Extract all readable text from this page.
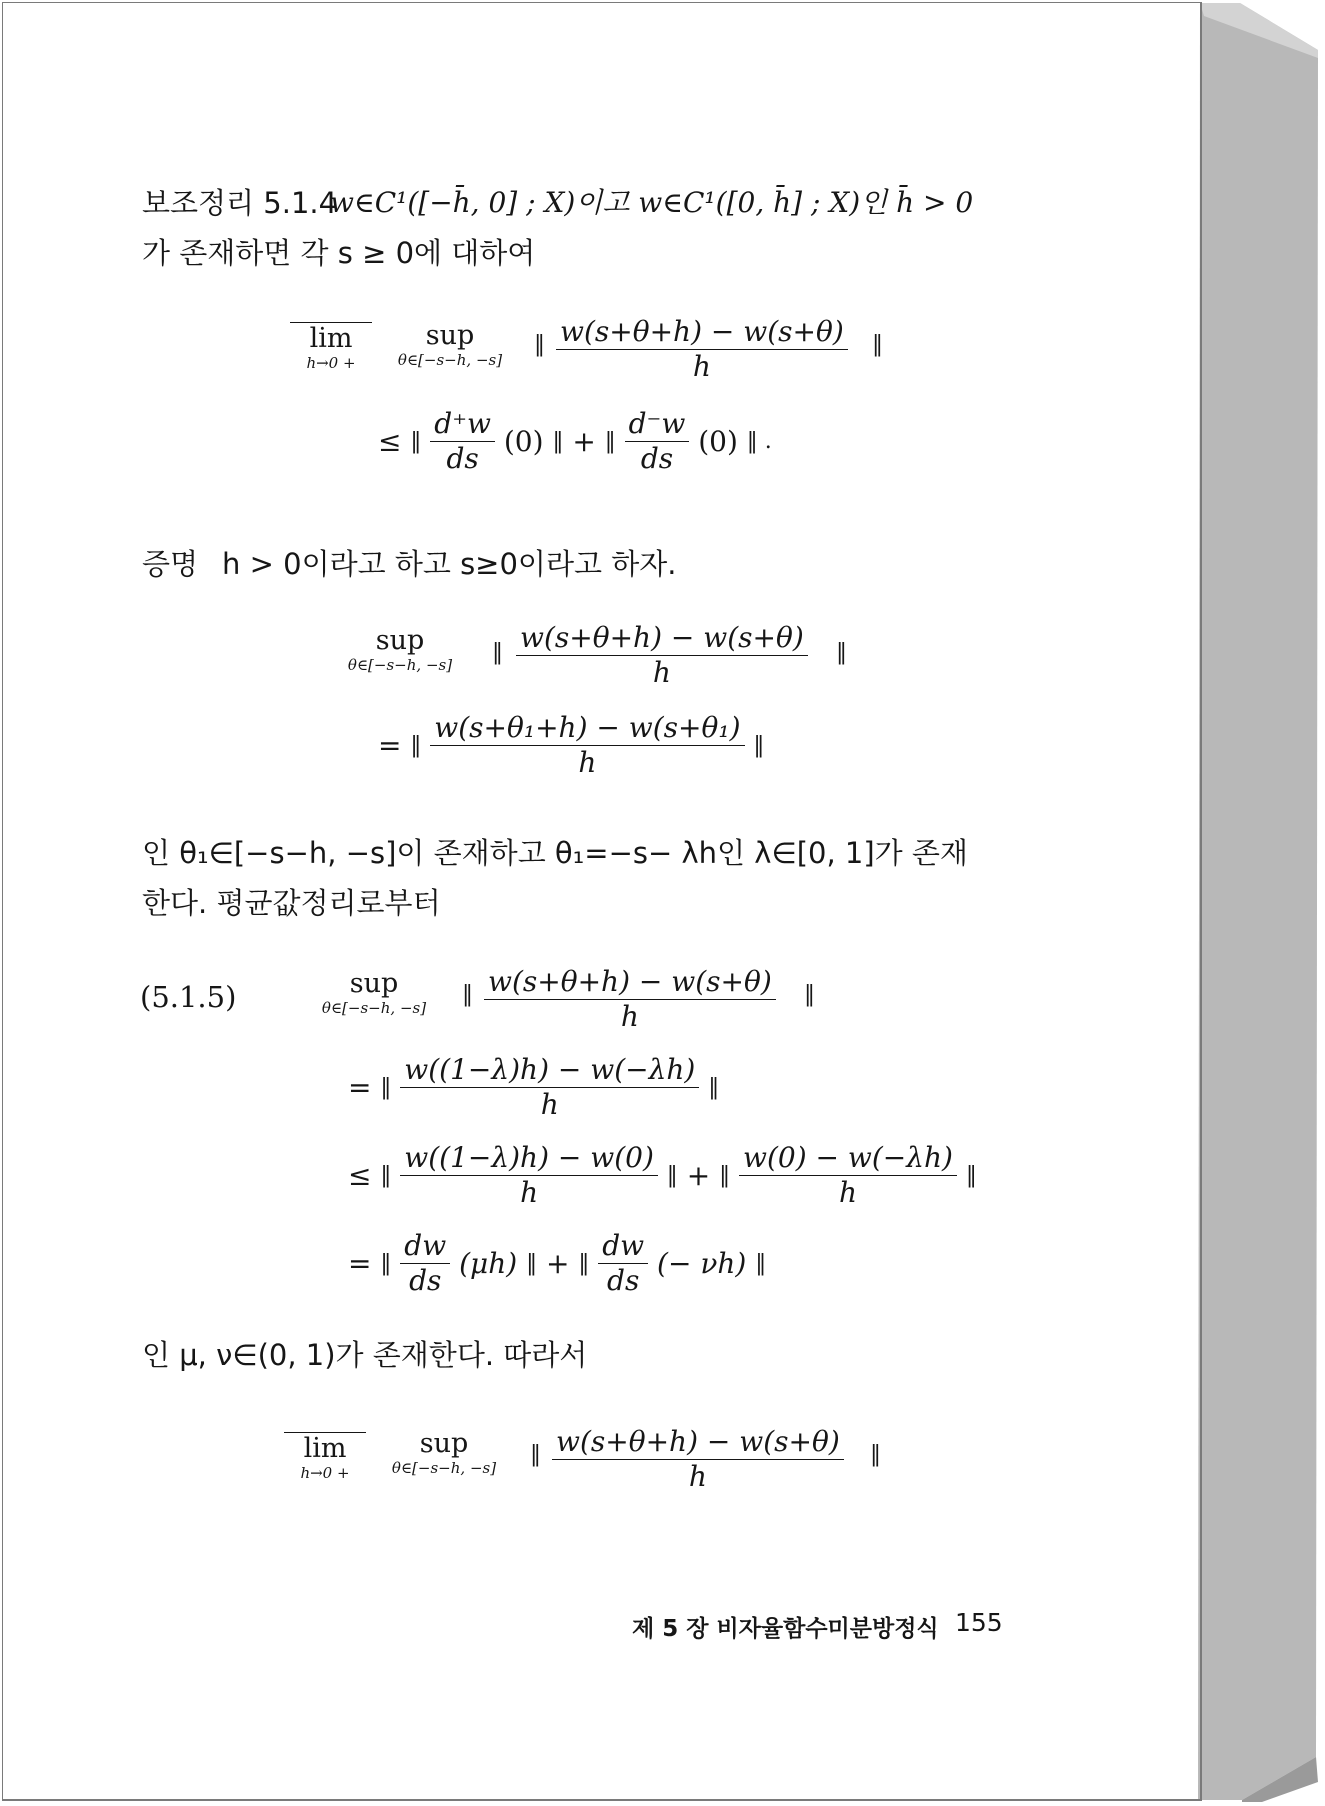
보조정리 5.1.4
w∈C¹([−h̄, 0] ; X)이고 w∈C¹([0, h̄] ; X)인 h̄ > 0
가 존재하면 각 s ≥ 0에 대하여
lim
h→0 +
sup
θ∈[−s−h, −s]
‖ $\frac{w(s+\theta+h) - w(s+\theta)}{h}$ ‖
≤ ‖ $\frac{d^+w}{ds} (0)$ ‖ + ‖ $\frac{d^-w}{ds} (0)$ ‖ .
증명 h > 0이라고 하고 s≥0이라고 하자.
sup
θ∈[−s−h, −s]	‖ $\frac{w(s+\theta+h) - w(s+\theta)}{h}$ ‖
= ‖ $\frac{\text{w(s+θ₁+h) − w(s+θ₁)}}{h}$ ‖
인 θ₁∈[−s−h, −s]이 존재하고 θ₁=−s− λh인 λ∈[0, 1]가 존재
한다. 평균값정리로부터
(5.1.5)	sup
θ∈[−s−h, −s]
‖ $\frac{w(s+\theta+h) - w(s+\theta)}{h}$ ‖
= ‖ $\frac{w((1-\lambda)h) - w(-\lambda h)}{h}$ ‖
≤ ‖ $\frac{w((1-\lambda)h) - w(0)}{h}$ ‖ + ‖ $\frac{w(0) - w(-\lambda h)}{h}$ ‖
= ‖ $\frac{dw}{ds} (\mu h)$ ‖ + ‖ $\frac{dw}{ds}$ (− νh) ‖
인 μ, ν∈(0, 1)가 존재한다. 따라서
lim
h→0 +
sup
θ∈[−s−h, −s]
‖ $\frac{w(s+\theta+h) - w(s+\theta)}{h}$ ‖
제 5 장 비자율함수미분방정식 155
